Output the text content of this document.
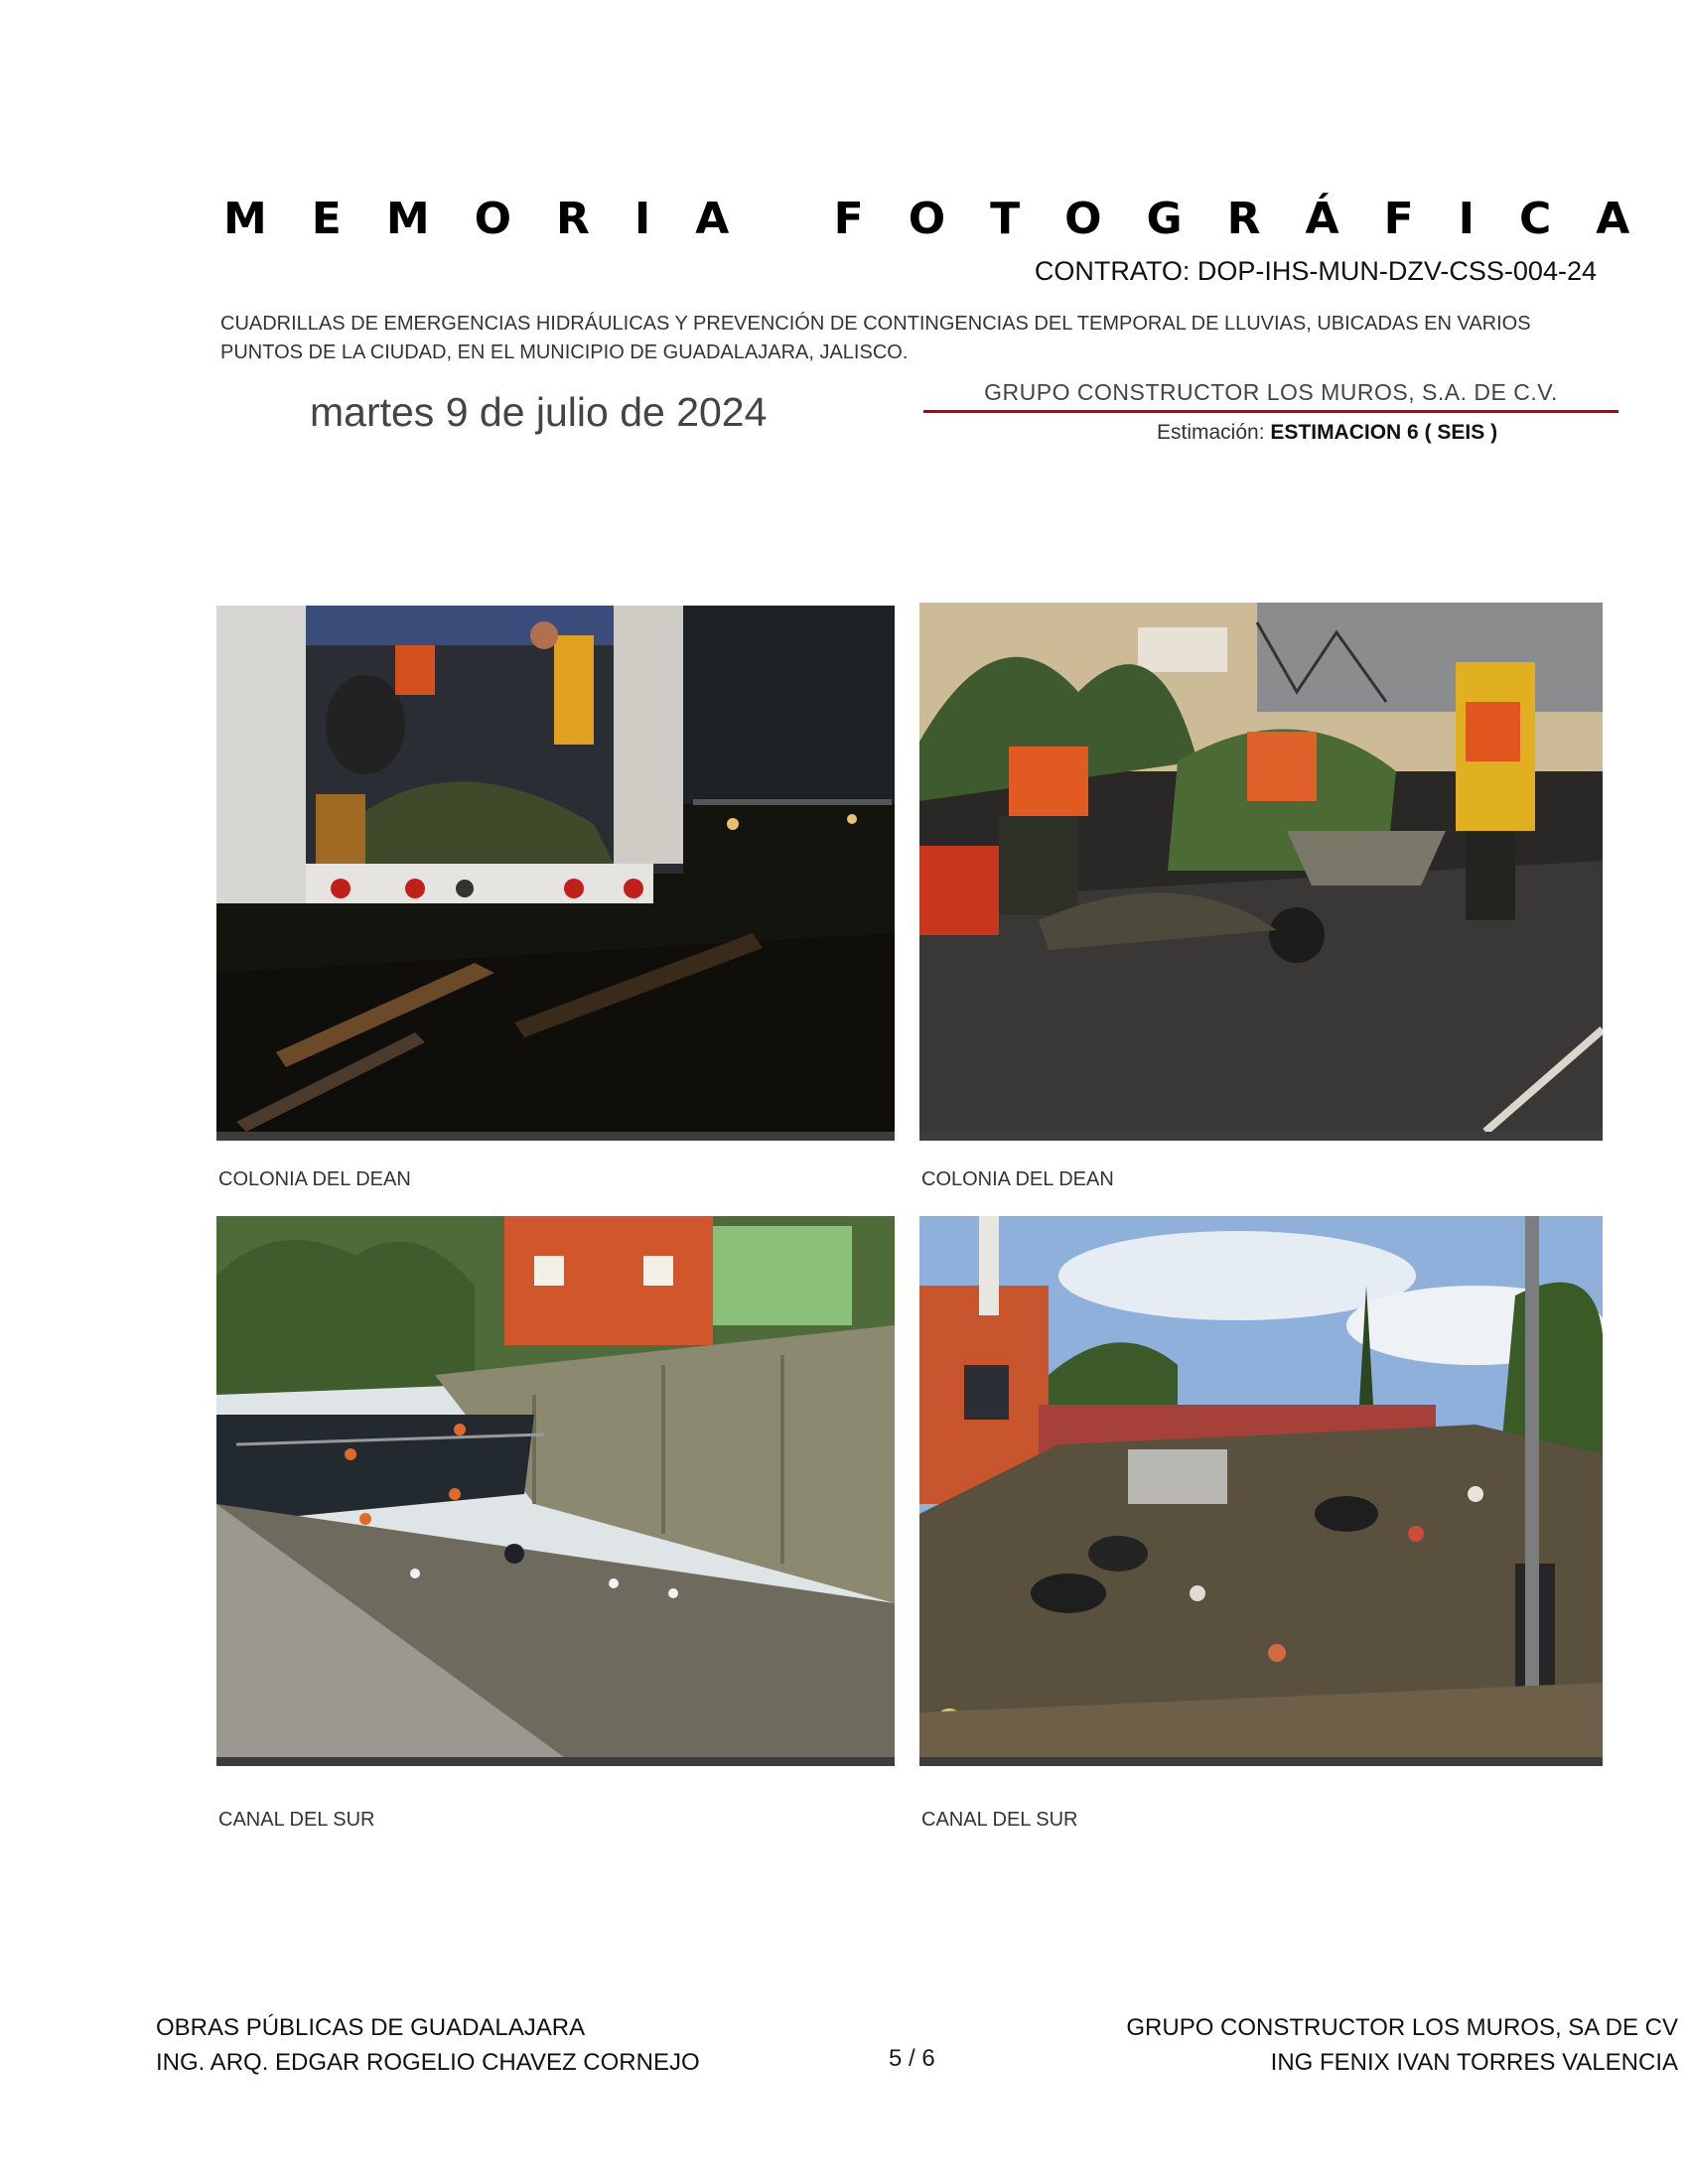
MEMORIA FOTOGRÁFICA
CONTRATO: DOP-IHS-MUN-DZV-CSS-004-24
CUADRILLAS DE EMERGENCIAS HIDRÁULICAS Y PREVENCIÓN DE CONTINGENCIAS DEL TEMPORAL DE LLUVIAS, UBICADAS EN VARIOS PUNTOS DE LA CIUDAD, EN EL MUNICIPIO DE GUADALAJARA, JALISCO.
martes 9 de julio de 2024	GRUPO CONSTRUCTOR LOS MUROS, S.A. DE C.V.
Estimación: ESTIMACION 6 ( SEIS )
COLONIA DEL DEAN	COLONIA DEL DEAN
CANAL DEL SUR	CANAL DEL SUR
OBRAS PÚBLICAS DE GUADALAJARA
ING. ARQ. EDGAR ROGELIO CHAVEZ CORNEJO	5 / 6
GRUPO CONSTRUCTOR LOS MUROS, SA DE CV
ING FENIX IVAN TORRES VALENCIA
